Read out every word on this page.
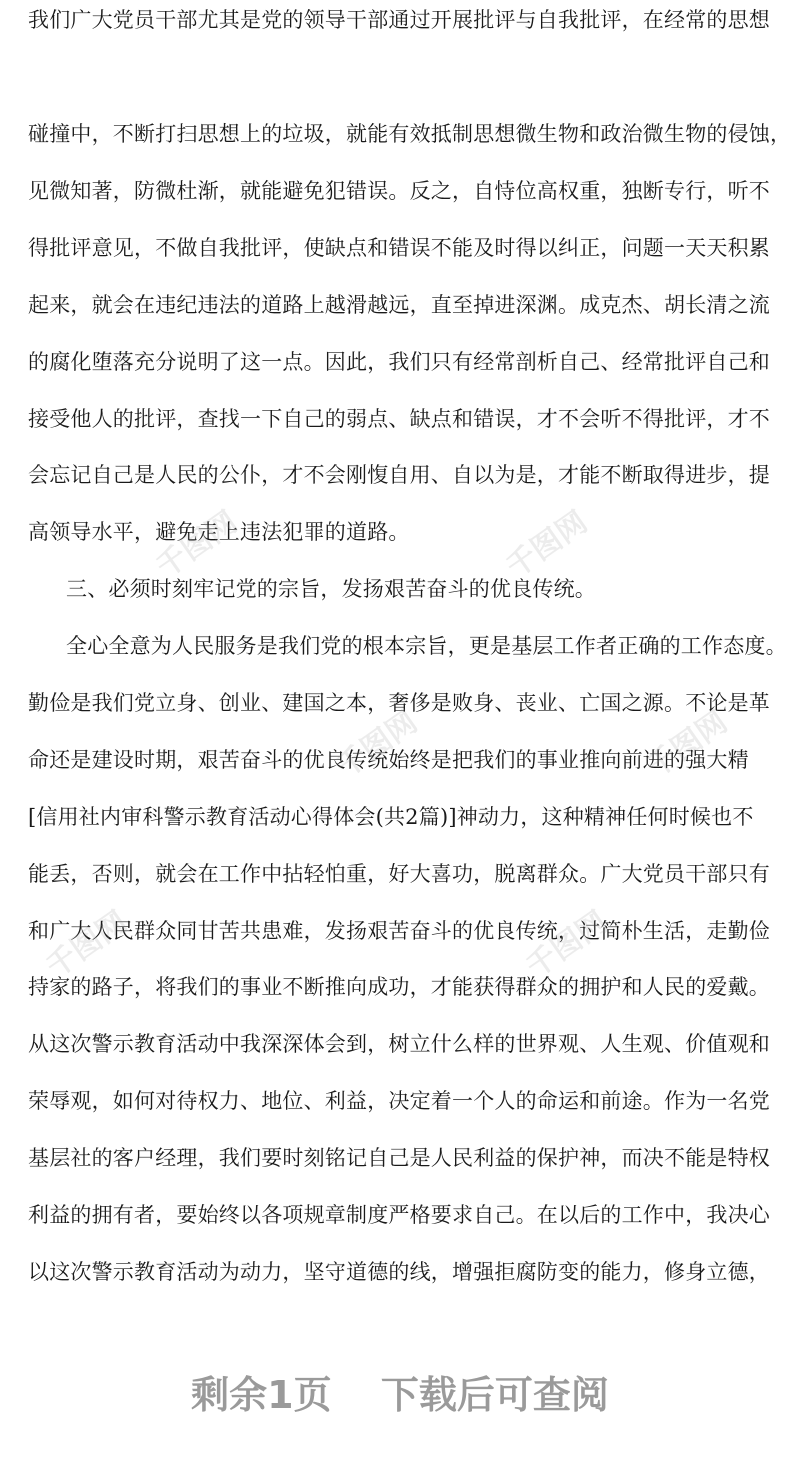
我们广大党员干部尤其是党的领导干部通过开展批评与自我批评，在经常的思想
碰撞中，不断打扫思想上的垃圾，就能有效抵制思想微生物和政治微生物的侵蚀，
见微知著，防微杜渐，就能避免犯错误。反之，自恃位高权重，独断专行，听不
得批评意见，不做自我批评，使缺点和错误不能及时得以纠正，问题一天天积累
起来，就会在违纪违法的道路上越滑越远，直至掉进深渊。成克杰、胡长清之流
的腐化堕落充分说明了这一点。因此，我们只有经常剖析自己、经常批评自己和
接受他人的批评，查找一下自己的弱点、缺点和错误，才不会听不得批评，才不
会忘记自己是人民的公仆，才不会刚愎自用、自以为是，才能不断取得进步，提
高领导水平，避免走上违法犯罪的道路。
三、必须时刻牢记党的宗旨，发扬艰苦奋斗的优良传统。
全心全意为人民服务是我们党的根本宗旨，更是基层工作者正确的工作态度。
勤俭是我们党立身、创业、建国之本，奢侈是败身、丧业、亡国之源。不论是革
命还是建设时期，艰苦奋斗的优良传统始终是把我们的事业推向前进的强大精
[信用社内审科警示教育活动心得体会(共2篇)]神动力，这种精神任何时候也不
能丢，否则，就会在工作中拈轻怕重，好大喜功，脱离群众。广大党员干部只有
和广大人民群众同甘苦共患难，发扬艰苦奋斗的优良传统，过简朴生活，走勤俭
持家的路子，将我们的事业不断推向成功，才能获得群众的拥护和人民的爱戴。
从这次警示教育活动中我深深体会到，树立什么样的世界观、人生观、价值观和
荣辱观，如何对待权力、地位、利益，决定着一个人的命运和前途。作为一名党
基层社的客户经理，我们要时刻铭记自己是人民利益的保护神，而决不能是特权
利益的拥有者，要始终以各项规章制度严格要求自己。在以后的工作中，我决心
以这次警示教育活动为动力，坚守道德的线，增强拒腐防变的能力，修身立德，
千图网	千图网
千图网	千图网
千图网	千图网
剩余1页 下载后可查阅
